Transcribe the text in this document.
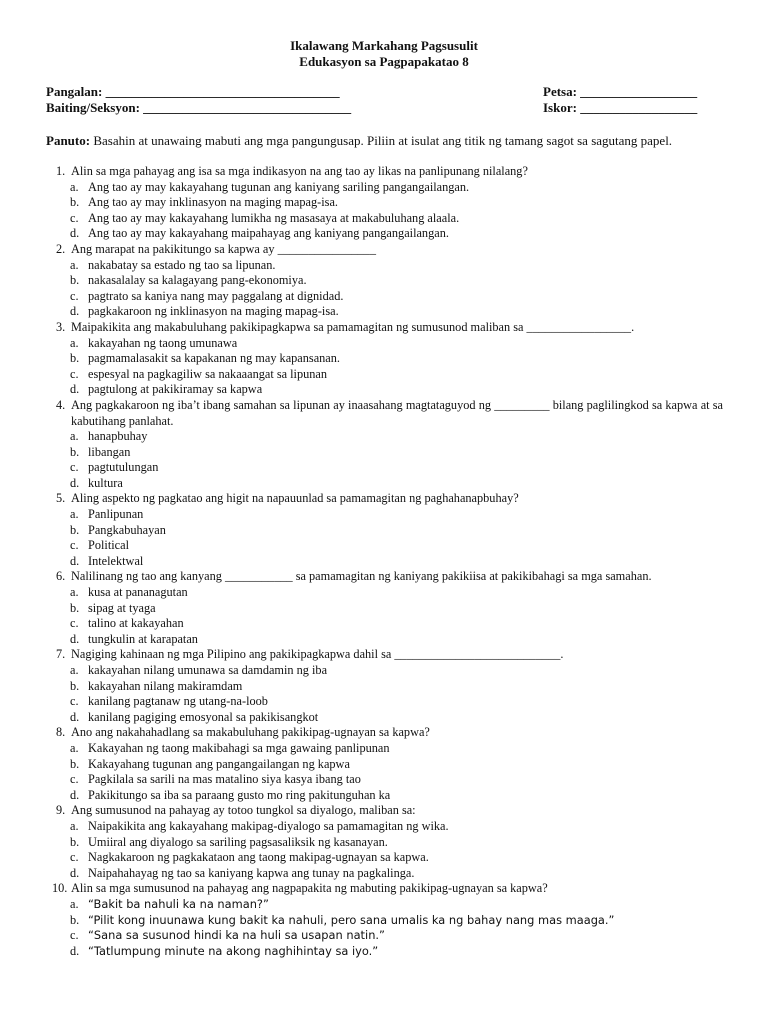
Ikalawang Markahang Pagsusulit
Edukasyon sa Pagpapakatao 8
Pangalan: ____________________________________	Petsa: __________________
Baiting/Seksyon: ________________________________	Iskor: __________________
Panuto: Basahin at unawaing mabuti ang mga pangungusap. Piliin at isulat ang titik ng tamang sagot sa sagutang papel.
1. Alin sa mga pahayag ang isa sa mga indikasyon na ang tao ay likas na panlipunang nilalang?
a. Ang tao ay may kakayahang tugunan ang kaniyang sariling pangangailangan.
b. Ang tao ay may inklinasyon na maging mapag-isa.
c. Ang tao ay may kakayahang lumikha ng masasaya at makabuluhang alaala.
d. Ang tao ay may kakayahang maipahayag ang kaniyang pangangailangan.
2. Ang marapat na pakikitungo sa kapwa ay ________________
a. nakabatay sa estado ng tao sa lipunan.
b. nakasalalay sa kalagayang pang-ekonomiya.
c. pagtrato sa kaniya nang may paggalang at dignidad.
d. pagkakaroon ng inklinasyon na maging mapag-isa.
3. Maipakikita ang makabuluhang pakikipagkapwa sa pamamagitan ng sumusunod maliban sa _________________.
a. kakayahan ng taong umunawa
b. pagmamalasakit sa kapakanan ng may kapansanan.
c. espesyal na pagkagiliw sa nakaaangat sa lipunan
d. pagtulong at pakikiramay sa kapwa
4. Ang pagkakaroon ng iba’t ibang samahan sa lipunan ay inaasahang magtataguyod ng _________ bilang paglilingkod sa kapwa at sa kabutihang panlahat.
a. hanapbuhay
b. libangan
c. pagtutulungan
d. kultura
5. Aling aspekto ng pagkatao ang higit na napauunlad sa pamamagitan ng paghahanapbuhay?
a. Panlipunan
b. Pangkabuhayan
c. Political
d. Intelektwal
6. Nalilinang ng tao ang kanyang ___________ sa pamamagitan ng kaniyang pakikiisa at pakikibahagi sa mga samahan.
a. kusa at pananagutan
b. sipag at tyaga
c. talino at kakayahan
d. tungkulin at karapatan
7. Nagiging kahinaan ng mga Pilipino ang pakikipagkapwa dahil sa ___________________________.
a. kakayahan nilang umunawa sa damdamin ng iba
b. kakayahan nilang makiramdam
c. kanilang pagtanaw ng utang-na-loob
d. kanilang pagiging emosyonal sa pakikisangkot
8. Ano ang nakahahadlang sa makabuluhang pakikipag-ugnayan sa kapwa?
a. Kakayahan ng taong makibahagi sa mga gawaing panlipunan
b. Kakayahang tugunan ang pangangailangan ng kapwa
c. Pagkilala sa sarili na mas matalino siya kasya ibang tao
d. Pakikitungo sa iba sa paraang gusto mo ring pakitunguhan ka
9. Ang sumusunod na pahayag ay totoo tungkol sa diyalogo, maliban sa:
a. Naipakikita ang kakayahang makipag-diyalogo sa pamamagitan ng wika.
b. Umiiral ang diyalogo sa sariling pagsasaliksik ng kasanayan.
c. Nagkakaroon ng pagkakataon ang taong makipag-ugnayan sa kapwa.
d. Naipahahayag ng tao sa kaniyang kapwa ang tunay na pagkalinga.
10. Alin sa mga sumusunod na pahayag ang nagpapakita ng mabuting pakikipag-ugnayan sa kapwa?
a. “Bakit ba nahuli ka na naman?”
b. “Pilit kong inuunawa kung bakit ka nahuli, pero sana umalis ka ng bahay nang mas maaga.”
c. “Sana sa susunod hindi ka na huli sa usapan natin.”
d. “Tatlumpung minute na akong naghihintay sa iyo.”
